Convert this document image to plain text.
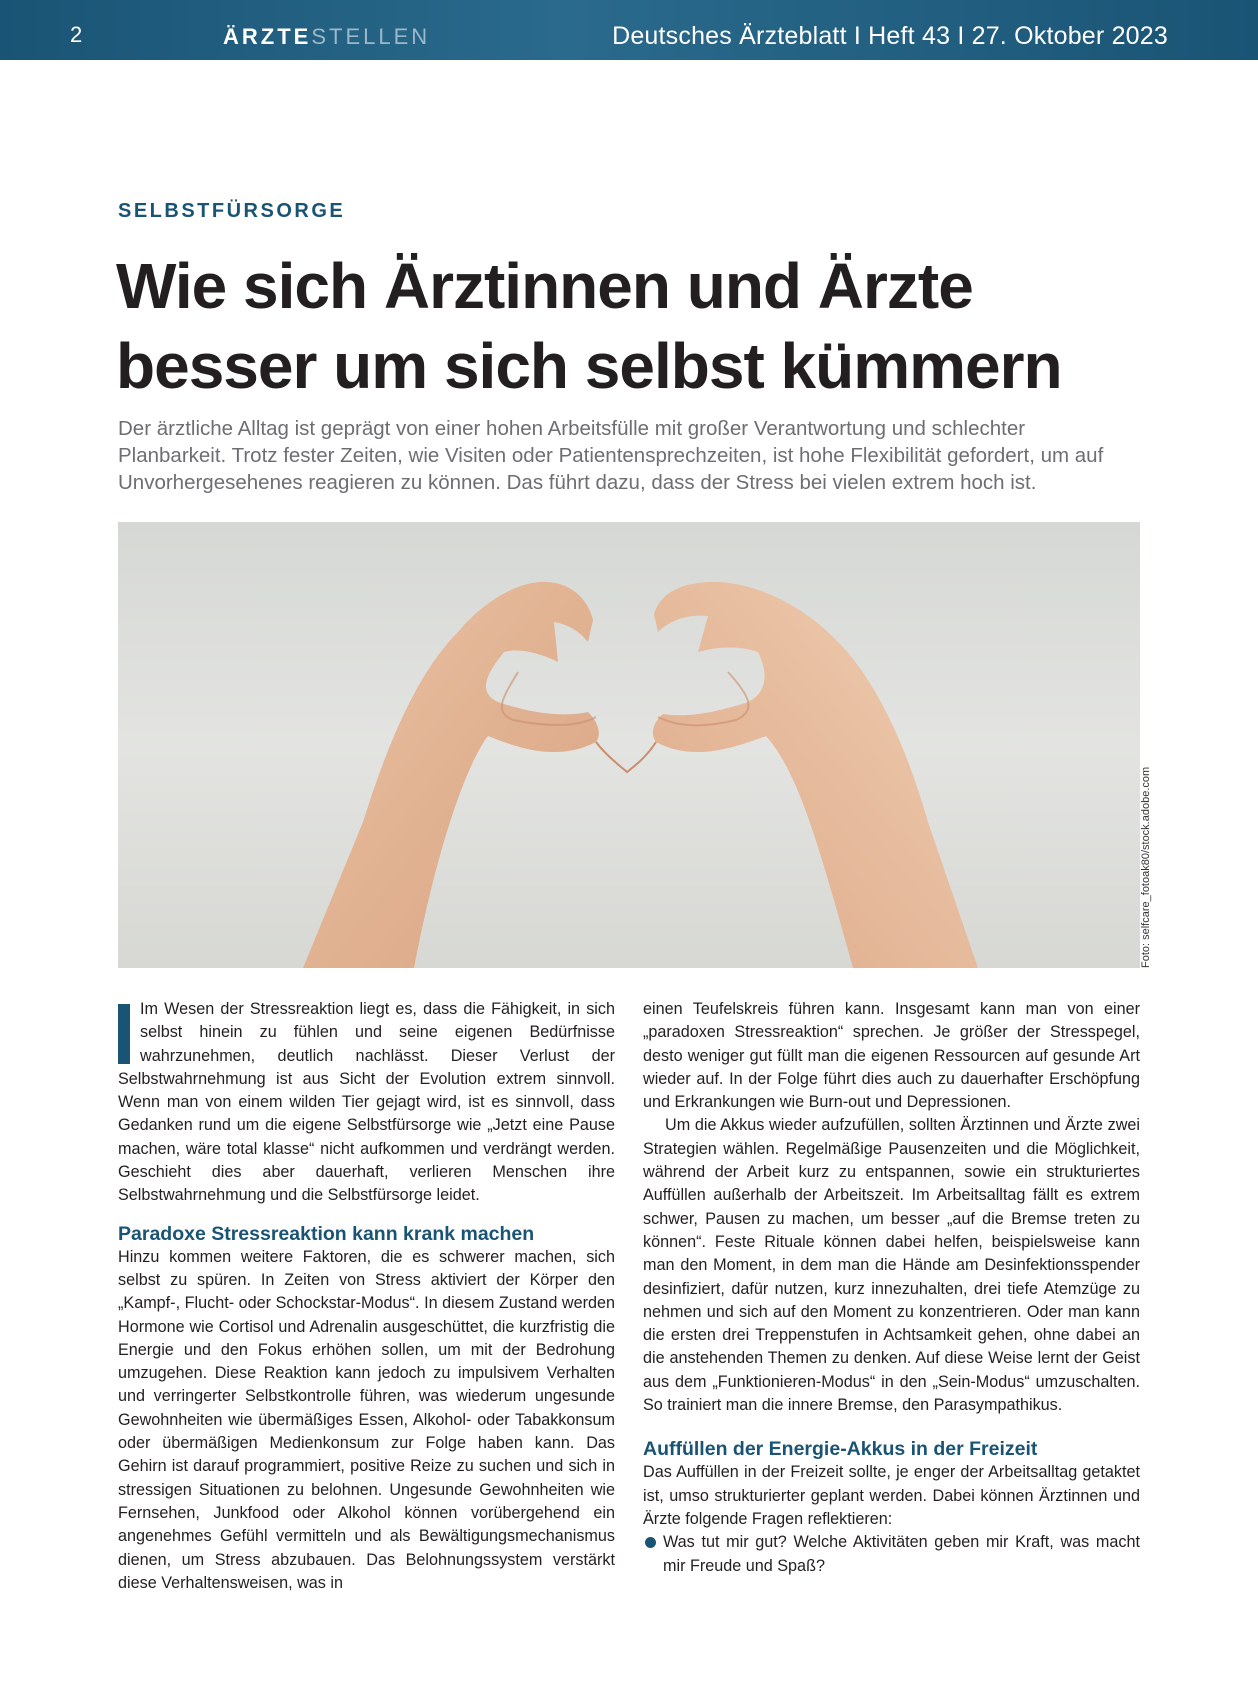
2	ÄRZTESTELLEN	Deutsches Ärzteblatt I Heft 43 I 27. Oktober 2023
SELBSTFÜRSORGE
Wie sich Ärztinnen und Ärzte besser um sich selbst kümmern

Der ärztliche Alltag ist geprägt von einer hohen Arbeitsfülle mit großer Verantwortung und schlechter Planbarkeit. Trotz fester Zeiten, wie Visiten oder Patientensprechzeiten, ist hohe Flexibilität gefordert, um auf Unvorhergesehenes reagieren zu können. Das führt dazu, dass der Stress bei vielen extrem hoch ist.

Foto: selfcare_fotoak80/stock.adobe.com

Im Wesen der Stressreaktion liegt es, dass die Fähigkeit, in sich selbst hinein zu fühlen und seine eigenen Bedürfnisse wahrzunehmen, deutlich nachlässt. Dieser Verlust der Selbstwahrnehmung ist aus Sicht der Evolution extrem sinnvoll. Wenn man von einem wilden Tier gejagt wird, ist es sinnvoll, dass Gedanken rund um die eigene Selbstfürsorge wie „Jetzt eine Pause machen, wäre total klasse“ nicht aufkommen und verdrängt werden. Geschieht dies aber dauerhaft, verlieren Menschen ihre Selbstwahrnehmung und die Selbstfürsorge leidet.

Paradoxe Stressreaktion kann krank machen

Hinzu kommen weitere Faktoren, die es schwerer machen, sich selbst zu spüren. In Zeiten von Stress aktiviert der Körper den „Kampf-, Flucht- oder Schockstar-Modus“. In diesem Zustand werden Hormone wie Cortisol und Adrenalin ausgeschüttet, die kurzfristig die Energie und den Fokus erhöhen sollen, um mit der Bedrohung umzugehen. Diese Reaktion kann jedoch zu impulsivem Verhalten und verringerter Selbstkontrolle führen, was wiederum ungesunde Gewohnheiten wie übermäßiges Essen, Alkohol- oder Tabakkonsum oder übermäßigen Medienkonsum zur Folge haben kann. Das Gehirn ist darauf programmiert, positive Reize zu suchen und sich in stressigen Situationen zu belohnen. Ungesunde Gewohnheiten wie Fernsehen, Junkfood oder Alkohol können vorübergehend ein angenehmes Gefühl vermitteln und als Bewältigungsmechanismus dienen, um Stress abzubauen. Das Belohnungssystem verstärkt diese Verhaltensweisen, was in

einen Teufelskreis führen kann. Insgesamt kann man von einer „paradoxen Stressreaktion“ sprechen. Je größer der Stresspegel, desto weniger gut füllt man die eigenen Ressourcen auf gesunde Art wieder auf. In der Folge führt dies auch zu dauerhafter Erschöpfung und Erkrankungen wie Burn-out und Depressionen.

Um die Akkus wieder aufzufüllen, sollten Ärztinnen und Ärzte zwei Strategien wählen. Regelmäßige Pausenzeiten und die Möglichkeit, während der Arbeit kurz zu entspannen, sowie ein strukturiertes Auffüllen außerhalb der Arbeitszeit. Im Arbeitsalltag fällt es extrem schwer, Pausen zu machen, um besser „auf die Bremse treten zu können“. Feste Rituale können dabei helfen, beispielsweise kann man den Moment, in dem man die Hände am Desinfektionsspender desinfiziert, dafür nutzen, kurz innezuhalten, drei tiefe Atemzüge zu nehmen und sich auf den Moment zu konzentrieren. Oder man kann die ersten drei Treppenstufen in Achtsamkeit gehen, ohne dabei an die anstehenden Themen zu denken. Auf diese Weise lernt der Geist aus dem „Funktionieren-Modus“ in den „Sein-Modus“ umzuschalten. So trainiert man die innere Bremse, den Parasympathikus.

Auffüllen der Energie-Akkus in der Freizeit

Das Auffüllen in der Freizeit sollte, je enger der Arbeitsalltag getaktet ist, umso strukturierter geplant werden. Dabei können Ärztinnen und Ärzte folgende Fragen reflektieren:

Was tut mir gut? Welche Aktivitäten geben mir Kraft, was macht mir Freude und Spaß?
